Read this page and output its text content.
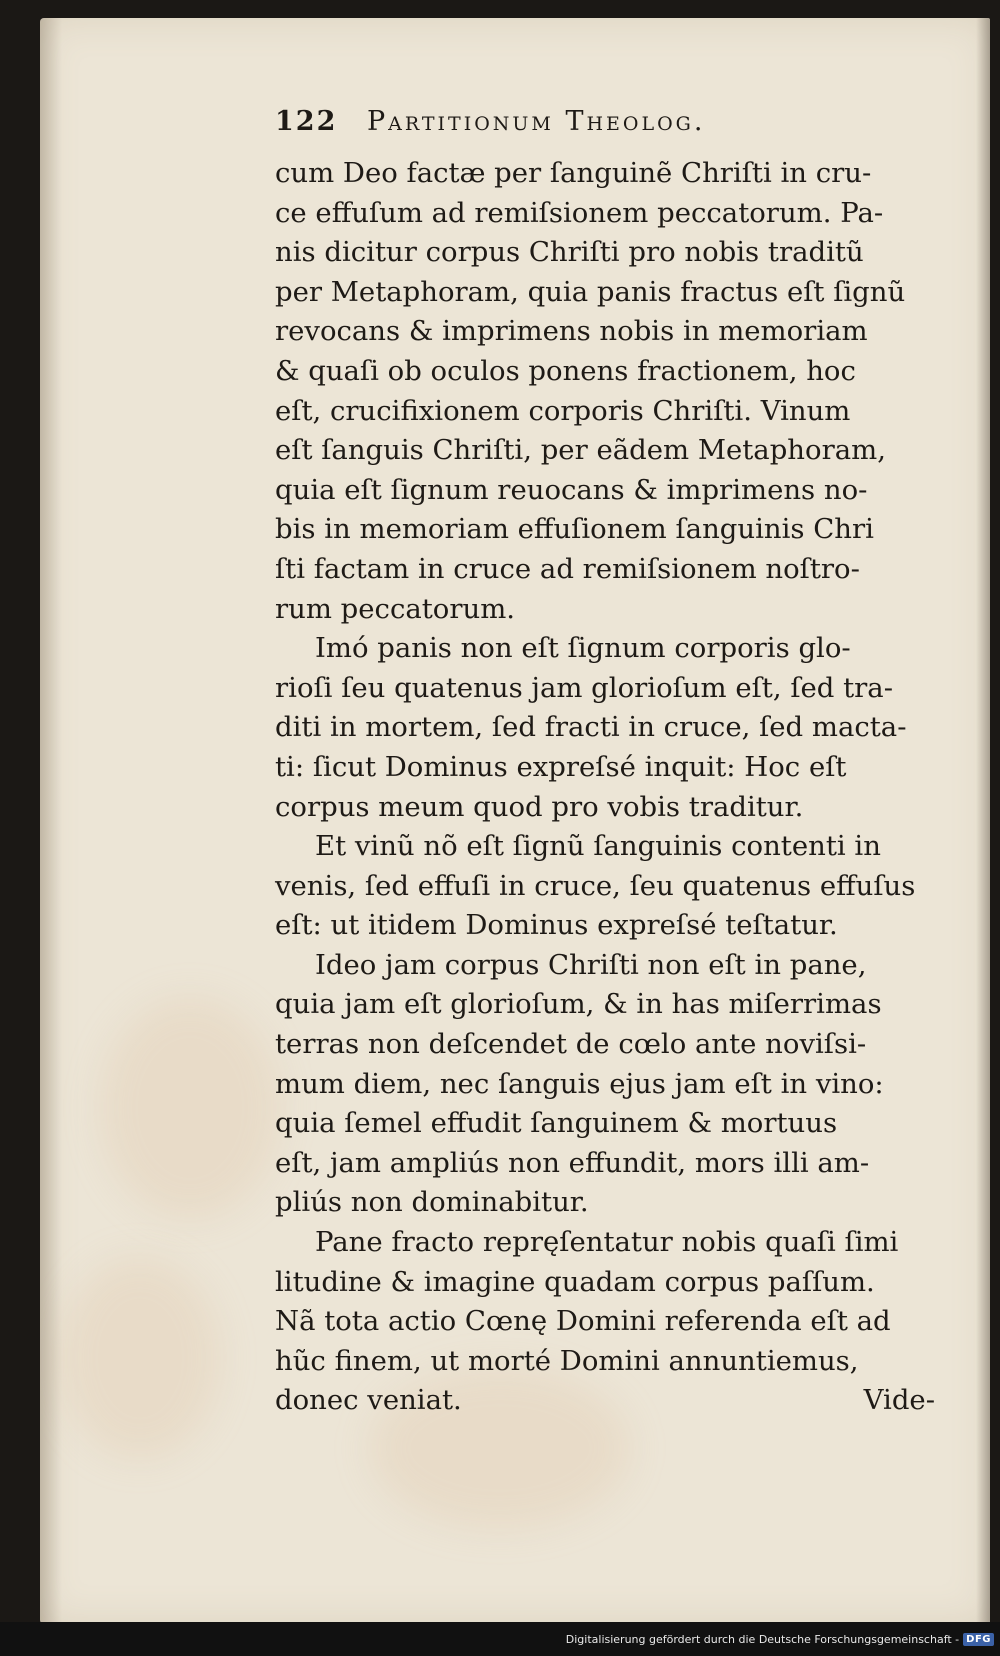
122	Partitionum Theolog.
cum Deo factæ per ſanguinẽ Chriſti in cru-
ce effuſum ad remiſsionem peccatorum. Pa-
nis dicitur corpus Chriſti pro nobis traditũ
per Metaphoram, quia panis fractus eſt ſignũ
revocans & imprimens nobis in memoriam
& quaſi ob oculos ponens fractionem, hoc
eſt, crucifixionem corporis Chriſti. Vinum
eſt ſanguis Chriſti, per eãdem Metaphoram,
quia eſt ſignum reuocans & imprimens no-
bis in memoriam effuſionem ſanguinis Chri
ſti factam in cruce ad remiſsionem noſtro-
rum peccatorum.
Imó panis non eſt ſignum corporis glo-
rioſi ſeu quatenus jam glorioſum eſt, ſed tra-
diti in mortem, ſed fracti in cruce, ſed macta-
ti: ſicut Dominus expreſsé inquit: Hoc eſt
corpus meum quod pro vobis traditur.
Et vinũ nõ eſt ſignũ ſanguinis contenti in
venis, ſed effuſi in cruce, ſeu quatenus effuſus
eſt: ut itidem Dominus expreſsé teſtatur.
Ideo jam corpus Chriſti non eſt in pane,
quia jam eſt glorioſum, & in has miſerrimas
terras non deſcendet de cœlo ante noviſsi-
mum diem, nec ſanguis ejus jam eſt in vino:
quia ſemel effudit ſanguinem & mortuus
eſt, jam ampliús non effundit, mors illi am-
pliús non dominabitur.
Pane fracto repręſentatur nobis quaſi ſimi
litudine & imagine quadam corpus paſſum.
Nã tota actio Cœnę Domini referenda eſt ad
hũc finem, ut morté Domini annuntiemus,
donec veniat.	Vide-
Digitalisierung gefördert durch die Deutsche Forschungsgemeinschaft - DFG
